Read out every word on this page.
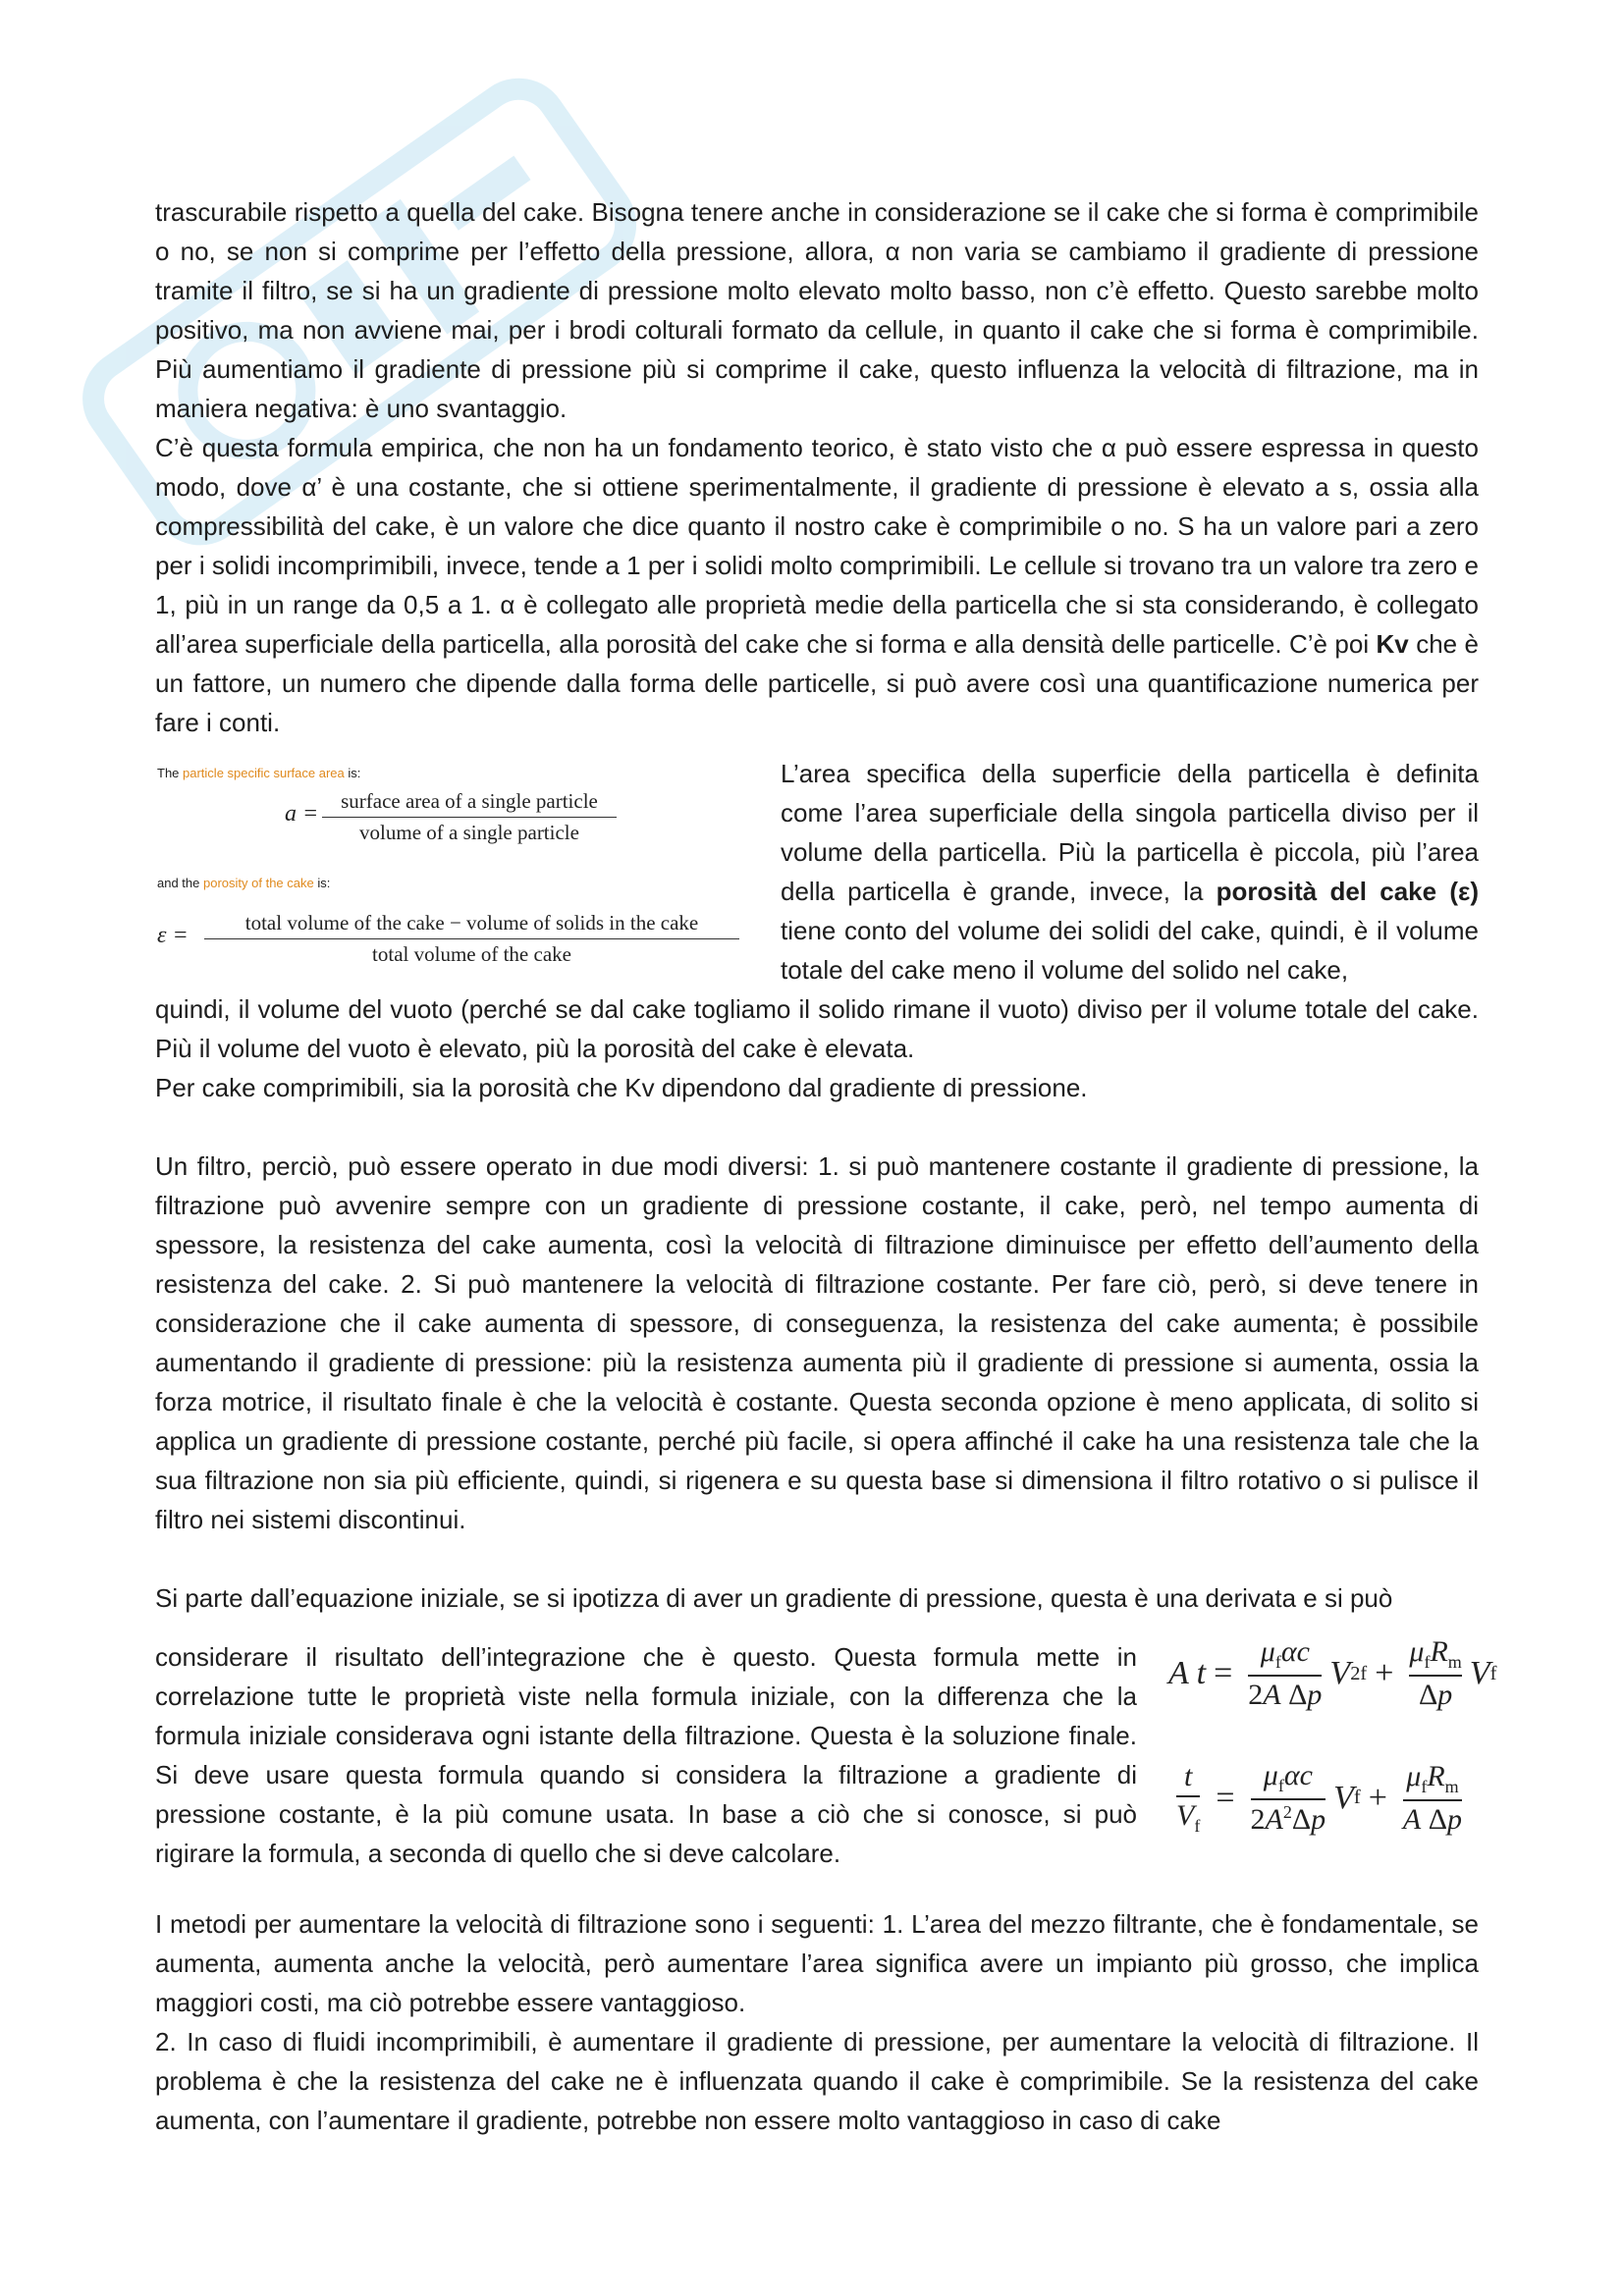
trascurabile rispetto a quella del cake. Bisogna tenere anche in considerazione se il cake che si forma è comprimibile o no, se non si comprime per l’effetto della pressione, allora, α non varia se cambiamo il gradiente di pressione tramite il filtro, se si ha un gradiente di pressione molto elevato molto basso, non c’è effetto. Questo sarebbe molto positivo, ma non avviene mai, per i brodi colturali formato da cellule, in quanto il cake che si forma è comprimibile. Più aumentiamo il gradiente di pressione più si comprime il cake, questo influenza la velocità di filtrazione, ma in maniera negativa: è uno svantaggio.

C’è questa formula empirica, che non ha un fondamento teorico, è stato visto che α può essere espressa in questo modo, dove α’ è una costante, che si ottiene sperimentalmente, il gradiente di pressione è elevato a s, ossia alla compressibilità del cake, è un valore che dice quanto il nostro cake è comprimibile o no. S ha un valore pari a zero per i solidi incomprimibili, invece, tende a 1 per i solidi molto comprimibili. Le cellule si trovano tra un valore tra zero e 1, più in un range da 0,5 a 1. α è collegato alle proprietà medie della particella che si sta considerando, è collegato all’area superficiale della particella, alla porosità del cake che si forma e alla densità delle particelle. C’è poi Kv che è un fattore, un numero che dipende dalla forma delle particelle, si può avere così una quantificazione numerica per fare i conti.

The particle specific surface area is:
a =	surface area of a single particle
volume of a single particle
and the porosity of the cake is:
ε =	total volume of the cake − volume of solids in the cake
total volume of the cake
L’area specifica della superficie della particella è definita come l’area superficiale della singola particella diviso per il volume della particella. Più la particella è piccola, più l’area della particella è grande, invece, la porosità del cake (ε) tiene conto del volume dei solidi del cake, quindi, è il volume totale del cake meno il volume del solido nel cake,

quindi, il volume del vuoto (perché se dal cake togliamo il solido rimane il vuoto) diviso per il volume totale del cake. Più il volume del vuoto è elevato, più la porosità del cake è elevata.

Per cake comprimibili, sia la porosità che Kv dipendono dal gradiente di pressione.

Un filtro, perciò, può essere operato in due modi diversi: 1. si può mantenere costante il gradiente di pressione, la filtrazione può avvenire sempre con un gradiente di pressione costante, il cake, però, nel tempo aumenta di spessore, la resistenza del cake aumenta, così la velocità di filtrazione diminuisce per effetto dell’aumento della resistenza del cake. 2. Si può mantenere la velocità di filtrazione costante. Per fare ciò, però, si deve tenere in considerazione che il cake aumenta di spessore, di conseguenza, la resistenza del cake aumenta; è possibile aumentando il gradiente di pressione: più la resistenza aumenta più il gradiente di pressione si aumenta, ossia la forza motrice, il risultato finale è che la velocità è costante. Questa seconda opzione è meno applicata, di solito si applica un gradiente di pressione costante, perché più facile, si opera affinché il cake ha una resistenza tale che la sua filtrazione non sia più efficiente, quindi, si rigenera e su questa base si dimensiona il filtro rotativo o si pulisce il filtro nei sistemi discontinui.

Si parte dall’equazione iniziale, se si ipotizza di aver un gradiente di pressione, questa è una derivata e si può

considerare il risultato dell’integrazione che è questo. Questa formula mette in correlazione tutte le proprietà viste nella formula iniziale, con la differenza che la formula iniziale considerava ogni istante della filtrazione. Questa è la soluzione finale. Si deve usare questa formula quando si considera la filtrazione a gradiente di pressione costante, è la più comune usata. In base a ciò che si conosce, si può rigirare la formula, a seconda di quello che si deve calcolare.
A t =
$\mu_f\alpha c$
2A Δp
V 2 f +
$\mu_fR_m$
Δp
V f
t
$V_f$
=
$\mu_f\alpha c$
$2A^2\Delta p$
V f +
$\mu_fR_m$
A Δp

I metodi per aumentare la velocità di filtrazione sono i seguenti: 1. L’area del mezzo filtrante, che è fondamentale, se aumenta, aumenta anche la velocità, però aumentare l’area significa avere un impianto più grosso, che implica maggiori costi, ma ciò potrebbe essere vantaggioso.

2. In caso di fluidi incomprimibili, è aumentare il gradiente di pressione, per aumentare la velocità di filtrazione. Il problema è che la resistenza del cake ne è influenzata quando il cake è comprimibile. Se la resistenza del cake aumenta, con l’aumentare il gradiente, potrebbe non essere molto vantaggioso in caso di cake
